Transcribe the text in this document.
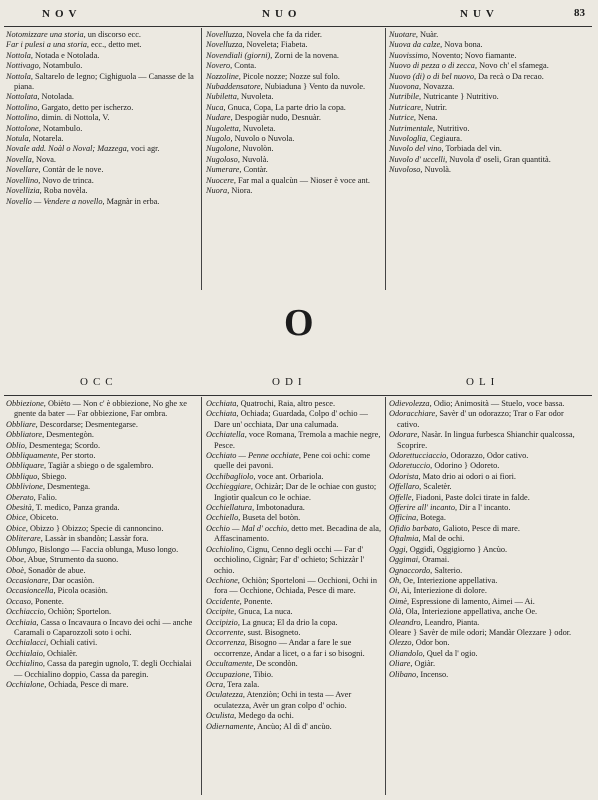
NOV	NUO	NUV	83

Notomizzare una storia, un discorso ecc.

Far i pulesi a una storia, ecc., detto met.

Nottola, Notada e Notolada.

Nottivago, Notambulo.

Nottola, Saltarelo de legno; Cighiguola — Canasse de la piana.

Nottolata, Notolada.

Nottolino, Gargato, detto per ischerzo.

Nottolino, dimin. di Nottola, V.

Nottolone, Notambulo.

Notula, Notarela.

Novale add. Noàl o Noval; Mazzega, voci agr.

Novella, Nova.

Novellare, Contàr de le nove.

Novellino, Novo de trinca.

Novellizia, Roba novèla.

Novello — Vendere a novello, Magnàr in erba.

Novelluzza, Novela che fa da rider.

Novelluzza, Noveleta; Fiabeta.

Novendiali (giorni), Zorni de la novena.

Novero, Conta.

Nozzoline, Picole nozze; Nozze sul folo.

Nubaddensatore, Nubiaduna } Vento da nuvole.

Nubiletta, Nuvoleta.

Nuca, Gnuca, Copa, La parte drio la copa.

Nudare, Despogiàr nudo, Desnuàr.

Nugoletta, Nuvoleta.

Nugolo, Nuvolo o Nuvola.

Nugolone, Nuvolòn.

Nugoloso, Nuvolà.

Numerare, Contàr.

Nuocere, Far mal a qualcùn — Nioser è voce ant.

Nuora, Niora.

Nuotare, Nuàr.

Nuova da calze, Nova bona.

Nuovissimo, Novento; Novo fiamante.

Nuovo di pezza o di zecca, Novo ch' el sfamega.

Nuovo (di) o di bel nuovo, Da recà o Da recao.

Nuovona, Novazza.

Nutribile, Nutricante } Nutritivo.

Nutricare, Nutrìr.

Nutrice, Nena.

Nutrimentale, Nutritivo.

Nuvologlia, Cegiaura.

Nuvolo del vino, Torbiada del vin.

Nuvolo d' uccelli, Nuvola d' oseli, Gran quantità.

Nuvoloso, Nuvolà.

O
OCC	ODI	OLI

Obbiezione, Obièto — Non c' è obbiezione, No ghe xe gnente da bater — Far obbiezione, Far ombra.

Obbliare, Descordarse; Desmentegarse.

Obbliatore, Desmentegòn.

Oblio, Desmentega; Scordo.

Obbliquamente, Per storto.

Obbliquare, Tagiàr a sbiego o de sgalembro.

Obbliquo, Sbiego.

Obblivione, Desmentega.

Oberato, Falio.

Obesità, T. medico, Panza granda.

Obice, Obiceto.

Obice, Obizzo } Obizzo; Specie di cannoncino.

Obliterare, Lassàr in sbandòn; Lassàr fora.

Oblungo, Bislongo — Faccia oblunga, Muso longo.

Oboe, Abue, Strumento da suono.

Oboè, Sonadòr de abue.

Occasionare, Dar ocasiòn.

Occasioncella, Picola ocasiòn.

Occaso, Ponente.

Occhiaccio, Ochiòn; Sportelon.

Occhiaia, Cassa o Incavaura o Incavo dei ochi — anche Caramali o Caparozzoli soto i ochi.

Occhialacci, Ochiali cativi.

Occhialaio, Ochialèr.

Occhialino, Cassa da paregin ugnolo, T. degli Occhialai — Occhialino doppio, Cassa da paregin.

Occhialone, Ochiada, Pesce di mare.

Occhiata, Quatrochi, Raia, altro pesce.

Occhiata, Ochiada; Guardada, Colpo d' ochio — Dare un' occhiata, Dar una calumada.

Occhiatella, voce Romana, Tremola a machie negre, Pesce.

Occhiato — Penne occhiate, Pene coi ochi: come quelle dei pavoni.

Occhibagliolo, voce ant. Orbariola.

Occhieggiare, Ochizàr; Dar de le ochiae con gusto; Ingiotìr qualcun co le ochiae.

Occhiellatura, Imbotonadura.

Occhiello, Buseta del botòn.

Occhio — Mal d' occhio, detto met. Becadina de ala, Affascinamento.

Occhiolino, Cignu, Cenno degli occhi — Far d' occhiolino, Cignàr; Far d' ochieto; Schizzàr l' ochio.

Occhione, Ochiòn; Sporteloni — Occhioni, Ochi in fora — Occhione, Ochiada, Pesce di mare.

Occidente, Ponente.

Occipite, Gnuca, La nuca.

Occipizio, La gnuca; El da drio la copa.

Occorrente, sust. Bisogneto.

Occorrenza, Bisogno — Andar a fare le sue occorrenze, Andar a licet, o a far i so bisogni.

Occultamente, De scondòn.

Occupazione, Tibio.

Ocra, Tera zala.

Oculatezza, Atenziòn; Ochi in testa — Aver oculatezza, Avèr un gran colpo d' ochio.

Oculista, Medego da ochi.

Odiernamente, Ancùo; Al dì d' ancùo.

Odievolezza, Odio; Animosità — Stuelo, voce bassa.

Odoracchiare, Savèr d' un odorazzo; Trar o Far odor cativo.

Odorare, Nasàr. In lingua furbesca Shianchir qualcossa, Scoprire.

Odorettucciaccio, Odorazzo, Odor cativo.

Odoretuccio, Odorino } Odoreto.

Odorista, Mato drio ai odori o ai fiori.

Offellaro, Scaletèr.

Offelle, Fiadoni, Paste dolci tirate in falde.

Offerire all' incanto, Dir a l' incanto.

Officina, Botega.

Ofidio barbato, Galioto, Pesce di mare.

Oftalmia, Mal de ochi.

Oggi, Oggidì, Oggigiorno } Ancùo.

Oggimai, Oramai.

Ognaccordo, Salterio.

Oh, Oe, Interiezione appellativa.

Oi, Ai, Interiezione di dolore.

Oimè, Espressione di lamento, Aimei — Ai.

Olà, Ola, Interiezione appellativa, anche Oe.

Oleandro, Leandro, Pianta.

Oleare } Savèr de mile odori; Mandàr Olezzare } odor.

Olezzo, Odor bon.

Oliandolo, Quel da l' ogio.

Oliare, Ogiàr.

Olibano, Incenso.
